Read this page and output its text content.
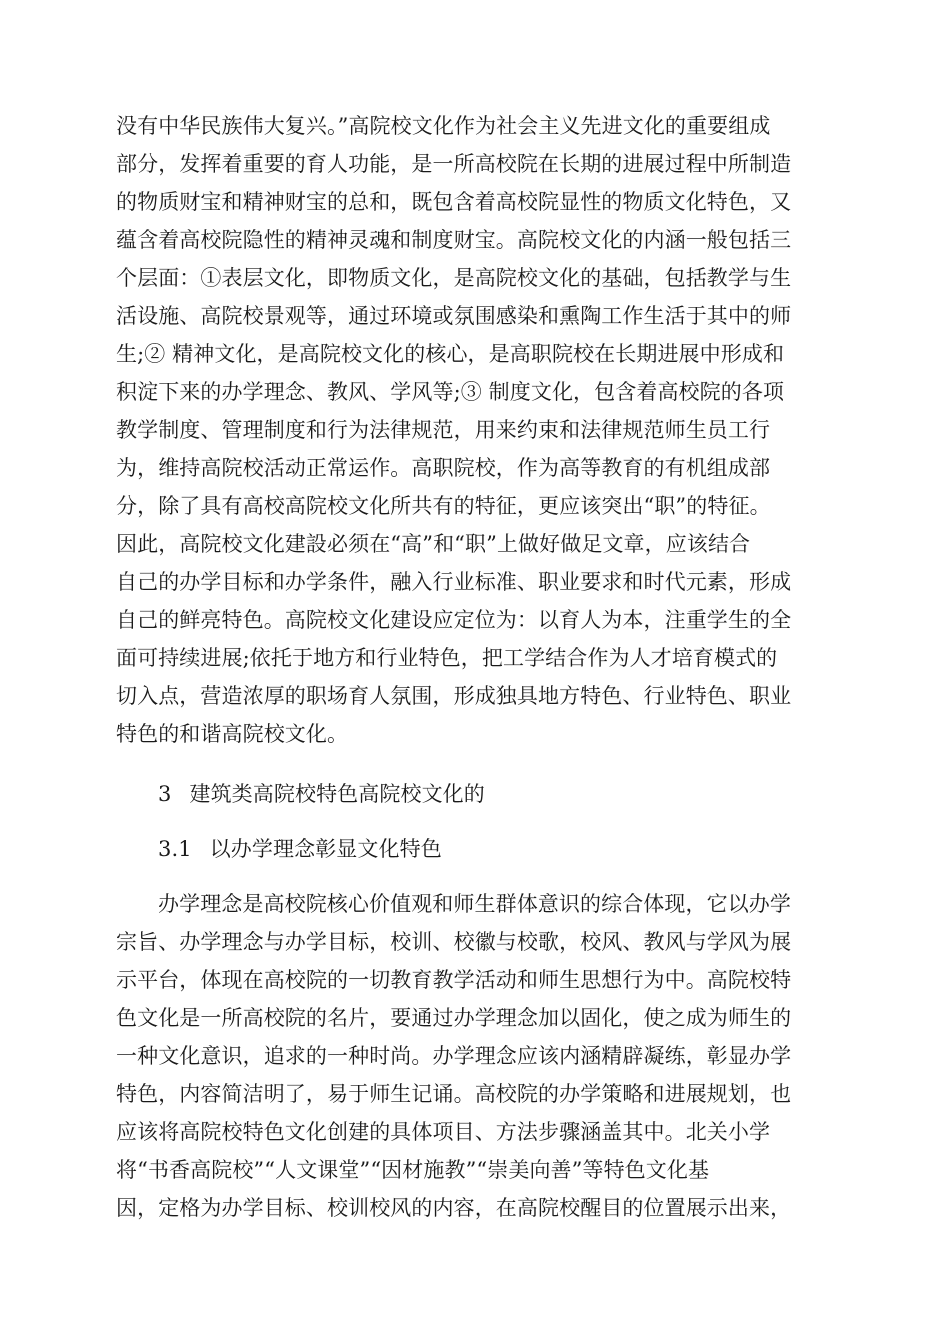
没有中华民族伟大复兴。”高院校文化作为社会主义先进文化的重要组成
部分，发挥着重要的育人功能，是一所高校院在长期的进展过程中所制造
的物质财宝和精神财宝的总和，既包含着高校院显性的物质文化特色，又
蕴含着高校院隐性的精神灵魂和制度财宝。高院校文化的内涵一般包括三
个层面：①表层文化，即物质文化，是高院校文化的基础，包括教学与生
活设施、高院校景观等，通过环境或氛围感染和熏陶工作生活于其中的师
生;② 精神文化，是高院校文化的核心，是高职院校在长期进展中形成和
积淀下来的办学理念、教风、学风等;③ 制度文化，包含着高校院的各项
教学制度、管理制度和行为法律规范，用来约束和法律规范师生员工行
为，维持高院校活动正常运作。高职院校，作为高等教育的有机组成部
分，除了具有高校高院校文化所共有的特征，更应该突出“职”的特征。
因此，高院校文化建設必须在“高”和“职”上做好做足文章，应该结合
自己的办学目标和办学条件，融入行业标准、职业要求和时代元素，形成
自己的鲜亮特色。高院校文化建设应定位为：以育人为本，注重学生的全
面可持续进展;依托于地方和行业特色，把工学结合作为人才培育模式的
切入点，营造浓厚的职场育人氛围，形成独具地方特色、行业特色、职业
特色的和谐高院校文化。
3 建筑类高院校特色高院校文化的
3.1 以办学理念彰显文化特色
办学理念是高校院核心价值观和师生群体意识的综合体现，它以办学
宗旨、办学理念与办学目标，校训、校徽与校歌，校风、教风与学风为展
示平台，体现在高校院的一切教育教学活动和师生思想行为中。高院校特
色文化是一所高校院的名片，要通过办学理念加以固化，使之成为师生的
一种文化意识，追求的一种时尚。办学理念应该内涵精辟凝练，彰显办学
特色，内容简洁明了，易于师生记诵。高校院的办学策略和进展规划，也
应该将高院校特色文化创建的具体项目、方法步骤涵盖其中。北关小学
将“书香高院校”“人文课堂”“因材施教”“崇美向善”等特色文化基
因，定格为办学目标、校训校风的内容，在高院校醒目的位置展示出来，
